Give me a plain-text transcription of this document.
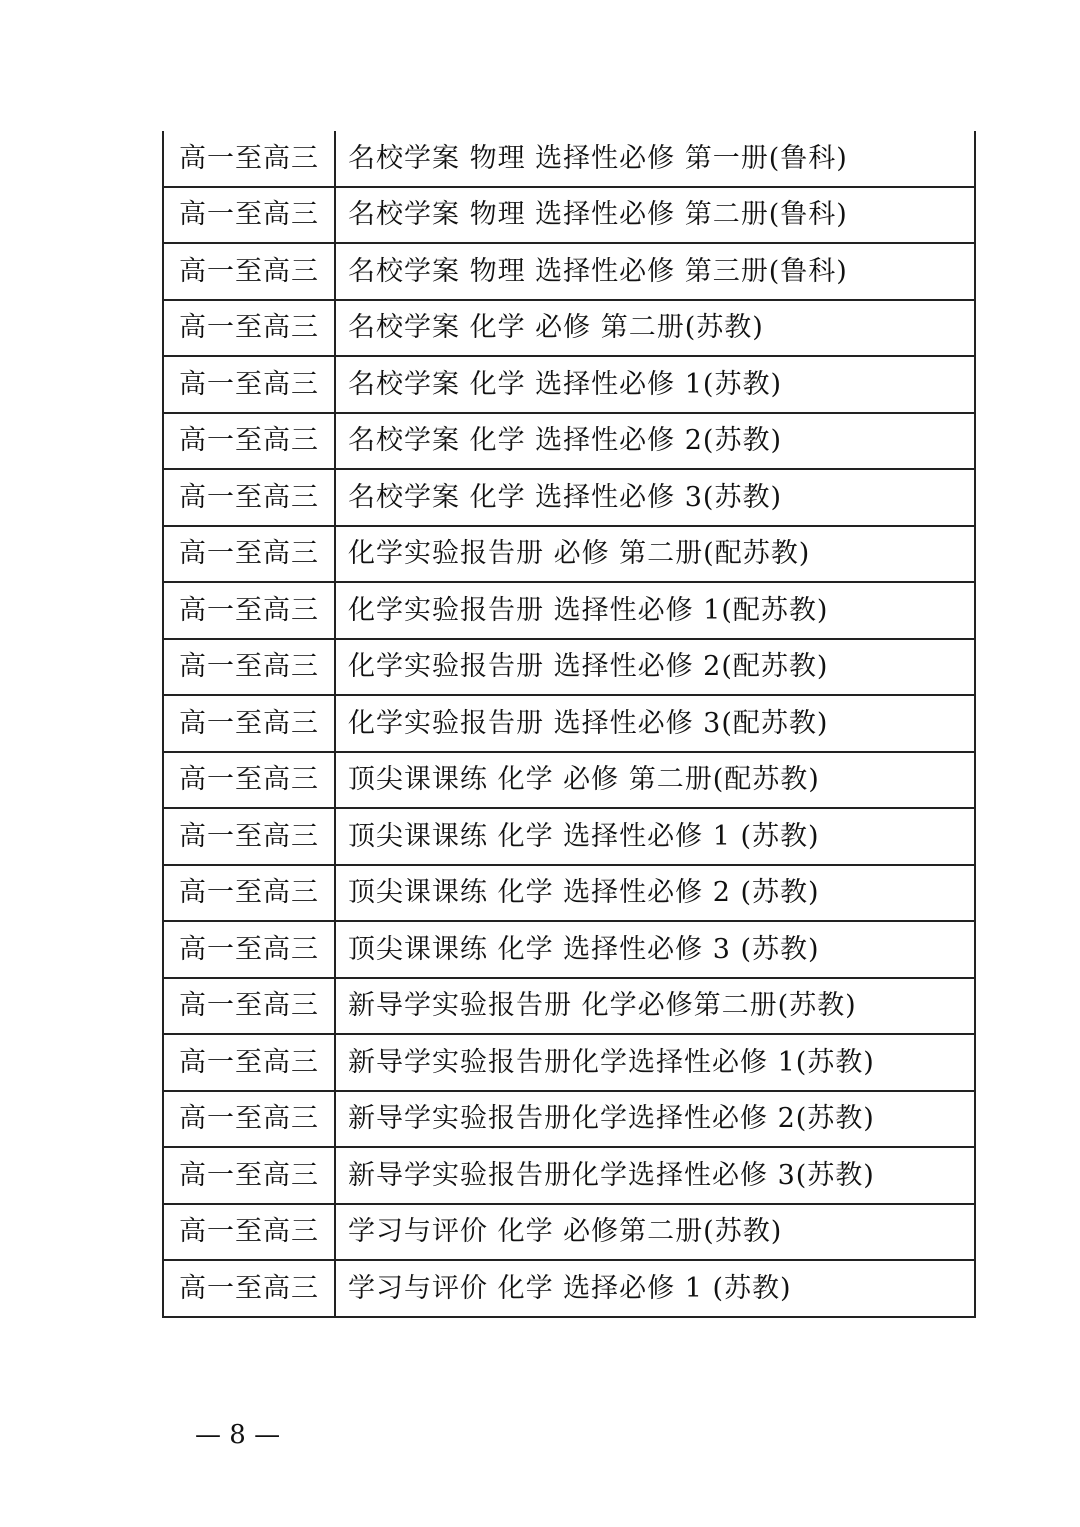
高一至高三	名校学案 物理 选择性必修 第一册(鲁科)
高一至高三	名校学案 物理 选择性必修 第二册(鲁科)
高一至高三	名校学案 物理 选择性必修 第三册(鲁科)
高一至高三	名校学案 化学 必修 第二册(苏教)
高一至高三	名校学案 化学 选择性必修 1(苏教)
高一至高三	名校学案 化学 选择性必修 2(苏教)
高一至高三	名校学案 化学 选择性必修 3(苏教)
高一至高三	化学实验报告册 必修 第二册(配苏教)
高一至高三	化学实验报告册 选择性必修 1(配苏教)
高一至高三	化学实验报告册 选择性必修 2(配苏教)
高一至高三	化学实验报告册 选择性必修 3(配苏教)
高一至高三	顶尖课课练 化学 必修 第二册(配苏教)
高一至高三	顶尖课课练 化学 选择性必修 1 (苏教)
高一至高三	顶尖课课练 化学 选择性必修 2 (苏教)
高一至高三	顶尖课课练 化学 选择性必修 3 (苏教)
高一至高三	新导学实验报告册 化学必修第二册(苏教)
高一至高三	新导学实验报告册化学选择性必修 1(苏教)
高一至高三	新导学实验报告册化学选择性必修 2(苏教)
高一至高三	新导学实验报告册化学选择性必修 3(苏教)
高一至高三	学习与评价 化学 必修第二册(苏教)
高一至高三	学习与评价 化学 选择必修 1 (苏教)
— 8 —
